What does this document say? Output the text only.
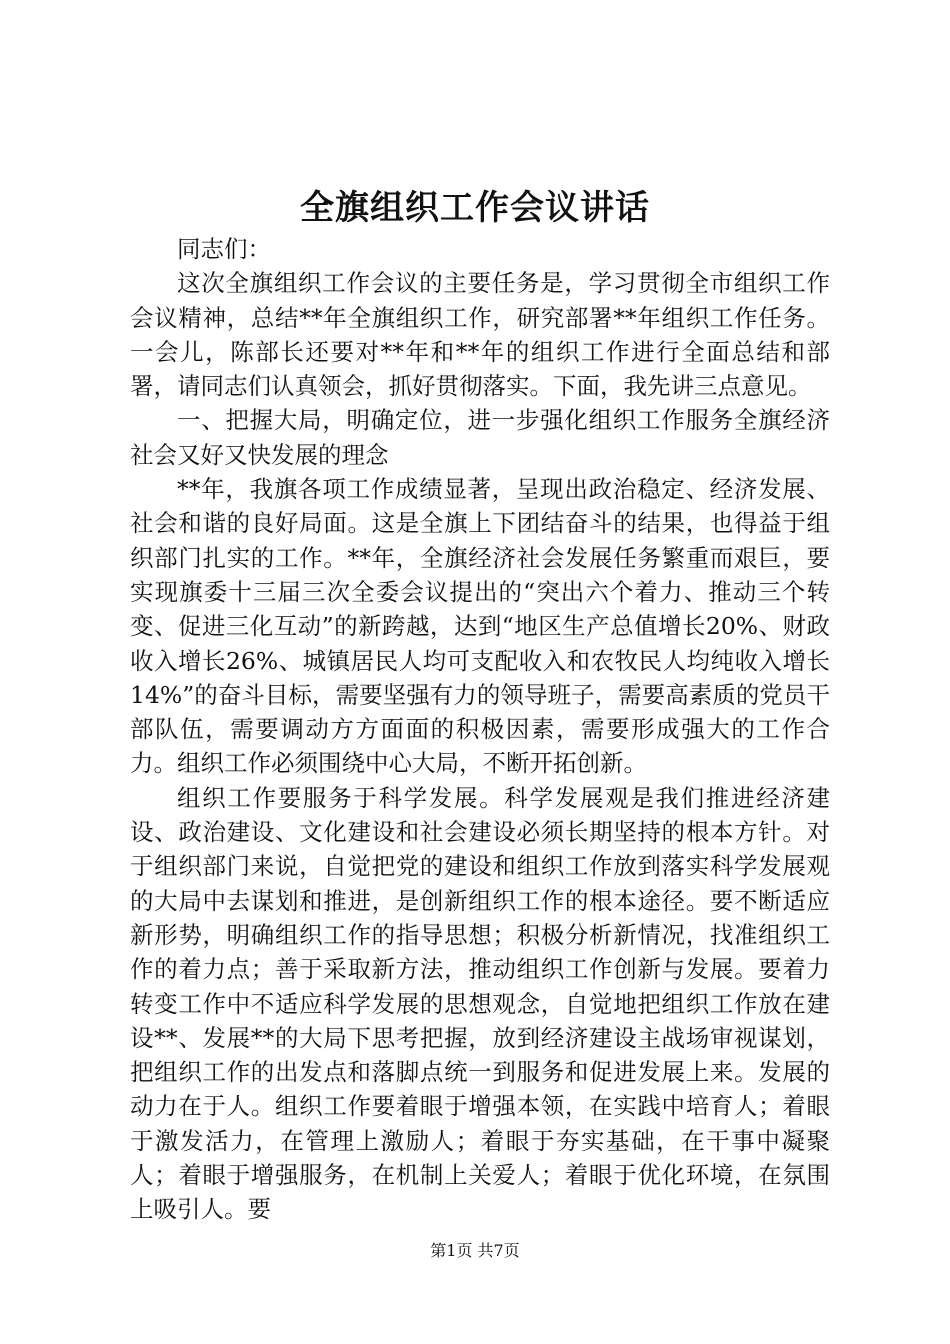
全旗组织工作会议讲话

同志们：

这次全旗组织工作会议的主要任务是，学习贯彻全市组织工作会议精神，总结**年全旗组织工作，研究部署**年组织工作任务。一会儿，陈部长还要对**年和**年的组织工作进行全面总结和部署，请同志们认真领会，抓好贯彻落实。下面，我先讲三点意见。

一、把握大局，明确定位，进一步强化组织工作服务全旗经济社会又好又快发展的理念

**年，我旗各项工作成绩显著，呈现出政治稳定、经济发展、社会和谐的良好局面。这是全旗上下团结奋斗的结果，也得益于组织部门扎实的工作。**年，全旗经济社会发展任务繁重而艰巨，要实现旗委十三届三次全委会议提出的“突出六个着力、推动三个转变、促进三化互动”的新跨越，达到“地区生产总值增长20%、财政收入增长26%、城镇居民人均可支配收入和农牧民人均纯收入增长14%”的奋斗目标，需要坚强有力的领导班子，需要高素质的党员干部队伍，需要调动方方面面的积极因素，需要形成强大的工作合力。组织工作必须围绕中心大局，不断开拓创新。

组织工作要服务于科学发展。科学发展观是我们推进经济建设、政治建设、文化建设和社会建设必须长期坚持的根本方针。对于组织部门来说，自觉把党的建设和组织工作放到落实科学发展观的大局中去谋划和推进，是创新组织工作的根本途径。要不断适应新形势，明确组织工作的指导思想；积极分析新情况，找准组织工作的着力点；善于采取新方法，推动组织工作创新与发展。要着力转变工作中不适应科学发展的思想观念，自觉地把组织工作放在建设**、发展**的大局下思考把握，放到经济建设主战场审视谋划，把组织工作的出发点和落脚点统一到服务和促进发展上来。发展的动力在于人。组织工作要着眼于增强本领，在实践中培育人；着眼于激发活力，在管理上激励人；着眼于夯实基础，在干事中凝聚人；着眼于增强服务，在机制上关爱人；着眼于优化环境，在氛围上吸引人。要

第1页 共7页
